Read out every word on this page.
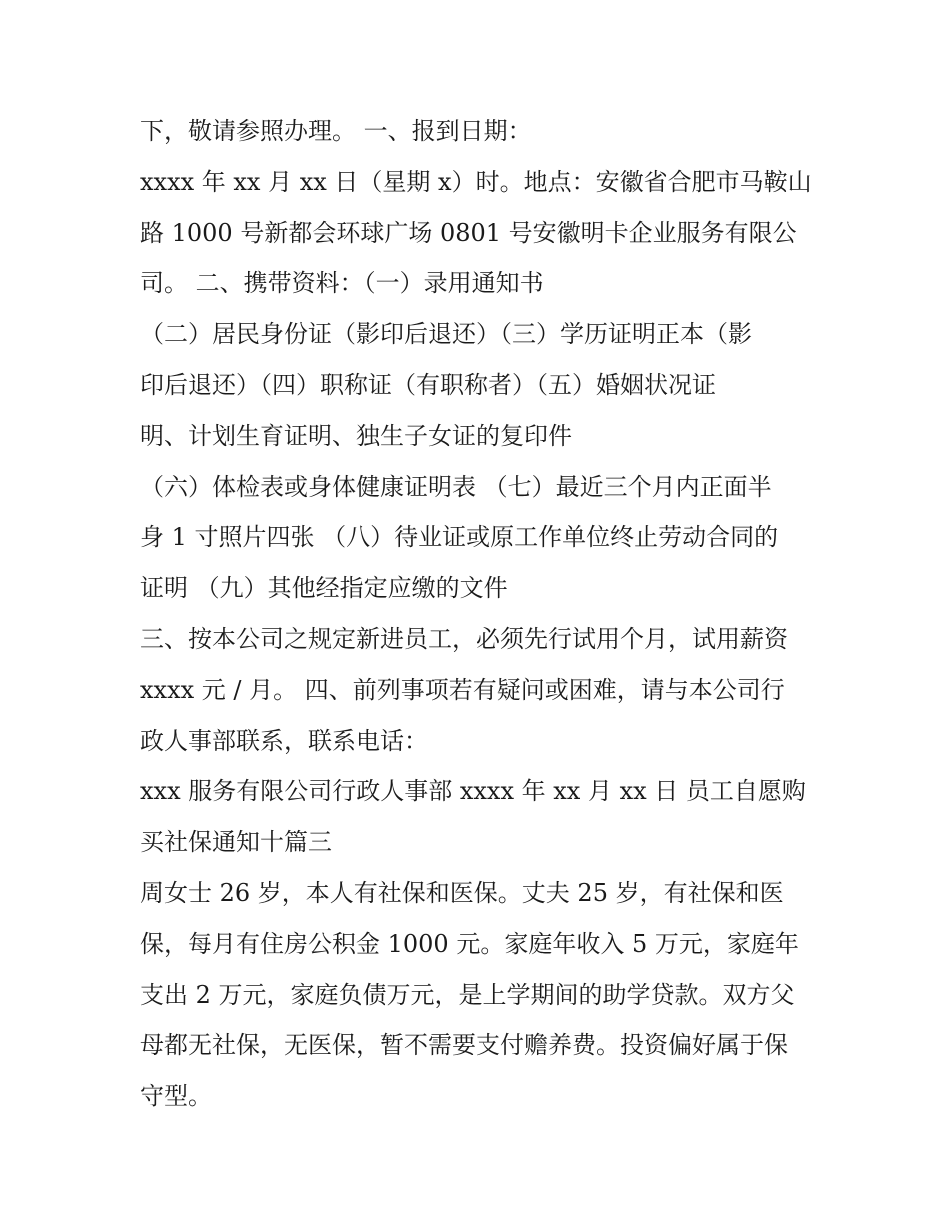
下，敬请参照办理。 一、报到日期：
xxxx 年 xx 月 xx 日（星期 x）时。地点：安徽省合肥市马鞍山
路 1000 号新都会环球广场 0801 号安徽明卡企业服务有限公
司。 二、携带资料：（一）录用通知书
（二）居民身份证（影印后退还）（三）学历证明正本（影
印后退还）（四）职称证（有职称者）（五）婚姻状况证
明、计划生育证明、独生子女证的复印件
（六）体检表或身体健康证明表 （七）最近三个月内正面半
身 1 寸照片四张 （八）待业证或原工作单位终止劳动合同的
证明 （九）其他经指定应缴的文件
三、按本公司之规定新进员工，必须先行试用个月，试用薪资
xxxx 元 / 月。 四、前列事项若有疑问或困难，请与本公司行
政人事部联系，联系电话：
xxx 服务有限公司行政人事部 xxxx 年 xx 月 xx 日 员工自愿购
买社保通知十篇三
周女士 26 岁，本人有社保和医保。丈夫 25 岁，有社保和医
保，每月有住房公积金 1000 元。家庭年收入 5 万元，家庭年
支出 2 万元，家庭负债万元，是上学期间的助学贷款。双方父
母都无社保，无医保，暂不需要支付赡养费。投资偏好属于保
守型。
